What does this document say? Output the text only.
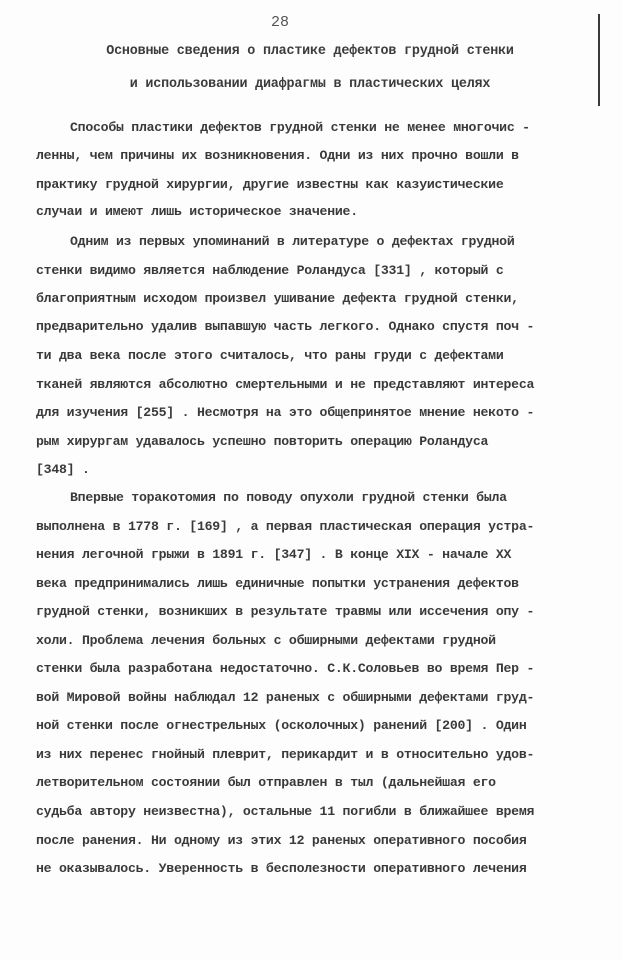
28
Основные сведения о пластике дефектов грудной стенки
и использовании диафрагмы в пластических целях
Способы пластики дефектов грудной стенки не менее многочис -
ленны, чем причины их возникновения. Одни из них прочно вошли в
практику грудной хирургии, другие известны как казуистические
случаи и имеют лишь историческое значение.
Одним из первых упоминаний в литературе о дефектах грудной
стенки видимо является наблюдение Роландуса [331] , который с
благоприятным исходом произвел ушивание дефекта грудной стенки,
предварительно удалив выпавшую часть легкого. Однако спустя поч -
ти два века после этого считалось, что раны груди с дефектами
тканей являются абсолютно смертельными и не представляют интереса
для изучения [255] . Несмотря на это общепринятое мнение некото -
рым хирургам удавалось успешно повторить операцию Роландуса
[348] .
Впервые торакотомия по поводу опухоли грудной стенки была
выполнена в 1778 г. [169] , а первая пластическая операция устра-
нения легочной грыжи в 1891 г. [347] . В конце XIX - начале XX
века предпринимались лишь единичные попытки устранения дефектов
грудной стенки, возникших в результате травмы или иссечения опу -
холи. Проблема лечения больных с обширными дефектами грудной
стенки была разработана недостаточно. С.К.Соловьев во время Пер -
вой Мировой войны наблюдал 12 раненых с обширными дефектами груд-
ной стенки после огнестрельных (осколочных) ранений [200] . Один
из них перенес гнойный плеврит, перикардит и в относительно удов-
летворительном состоянии был отправлен в тыл (дальнейшая его
судьба автору неизвестна), остальные 11 погибли в ближайшее время
после ранения. Ни одному из этих 12 раненых оперативного пособия
не оказывалось. Уверенность в бесполезности оперативного лечения
